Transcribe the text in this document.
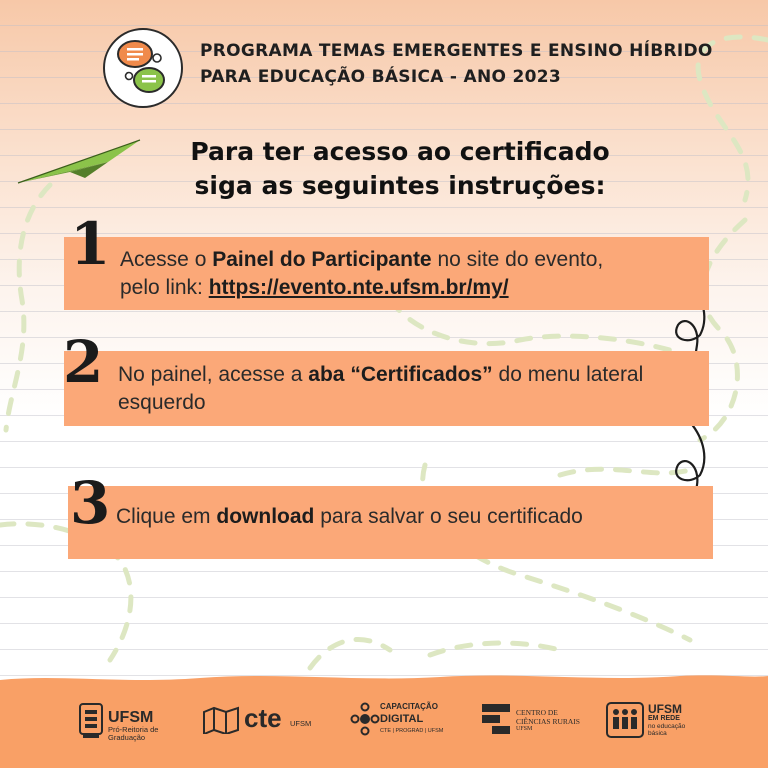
PROGRAMA TEMAS EMERGENTES E ENSINO HÍBRIDO
PARA EDUCAÇÃO BÁSICA - ANO 2023
Para ter acesso ao certificado
siga as seguintes instruções:
1
2
3
Acesse o Painel do Participante no site do evento,
pelo link: https://evento.nte.ufsm.br/my/
No painel, acesse a aba “Certificados” do menu lateral esquerdo
Clique em download para salvar o seu certificado
UFSM
Pró-Reitoria de
Graduação
cte UFSM
CAPACITAÇÃO
DIGITAL
CTE | PROGRAD | UFSM
CENTRO DE
CIÊNCIAS RURAIS
UFSM
UFSM
EM REDE
no educação
básica
